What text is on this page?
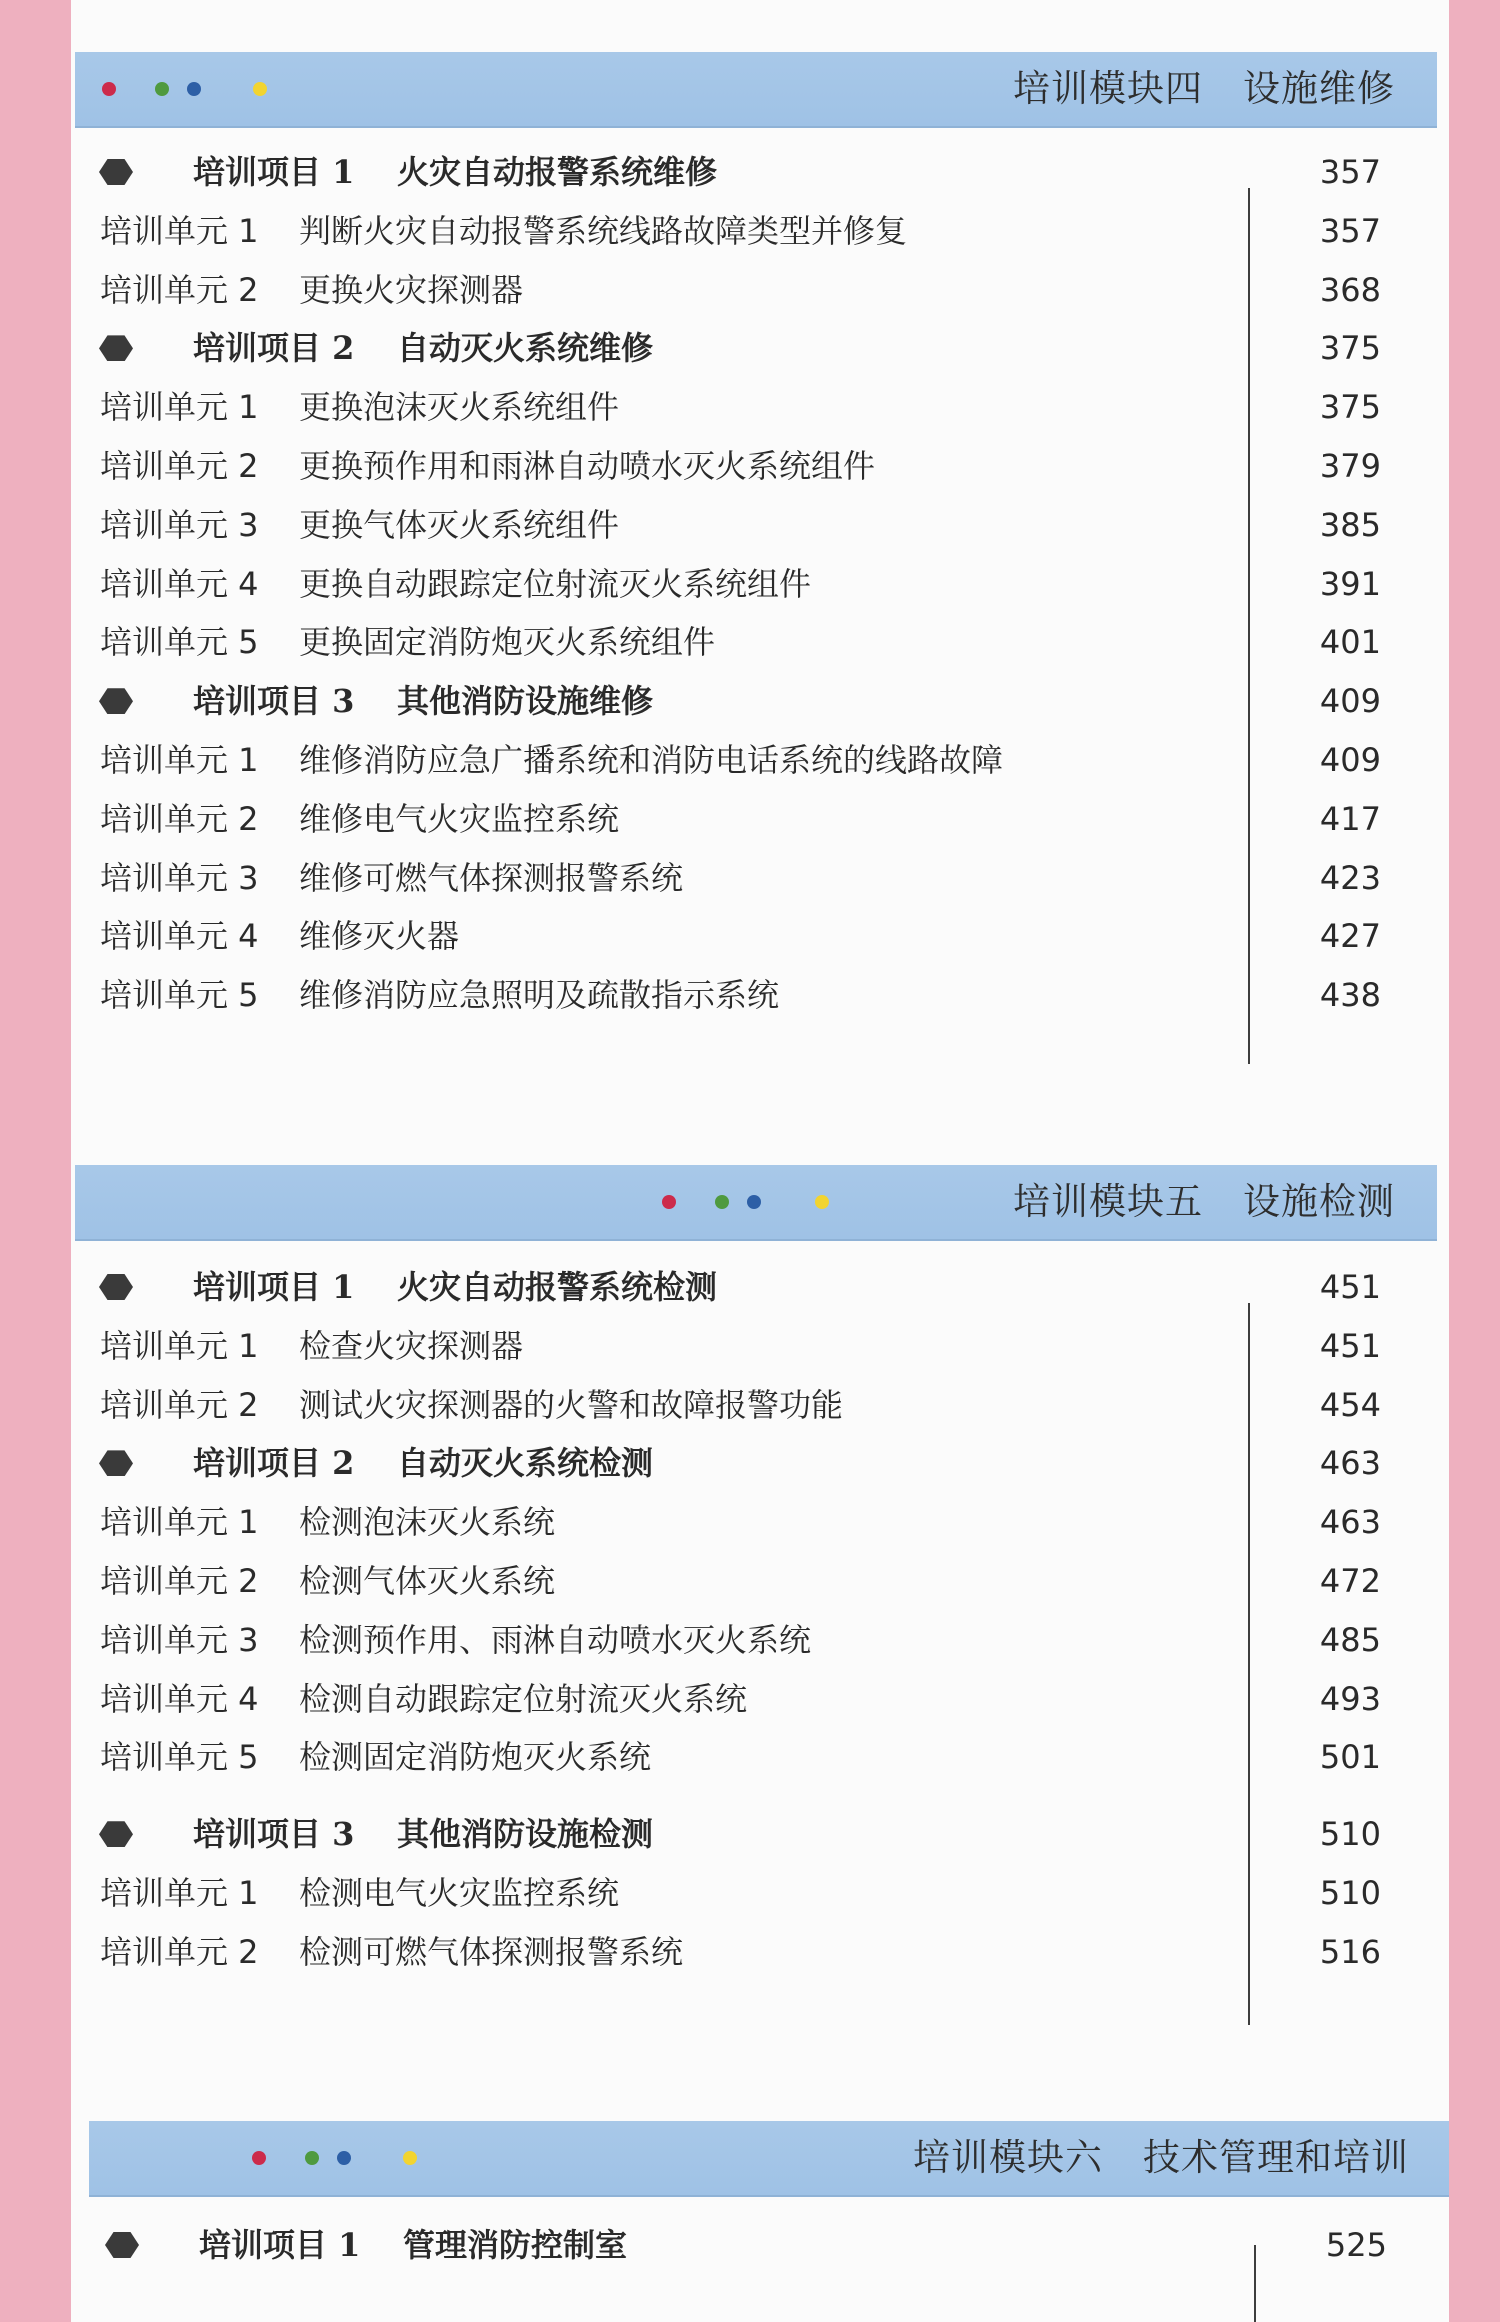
培训模块四 设施维修
培训项目 1 火灾自动报警系统维修	357
培训单元 1 判断火灾自动报警系统线路故障类型并修复	357
培训单元 2 更换火灾探测器	368
培训项目 2 自动灭火系统维修	375
培训单元 1 更换泡沫灭火系统组件	375
培训单元 2 更换预作用和雨淋自动喷水灭火系统组件	379
培训单元 3 更换气体灭火系统组件	385
培训单元 4 更换自动跟踪定位射流灭火系统组件	391
培训单元 5 更换固定消防炮灭火系统组件	401
培训项目 3 其他消防设施维修	409
培训单元 1 维修消防应急广播系统和消防电话系统的线路故障	409
培训单元 2 维修电气火灾监控系统	417
培训单元 3 维修可燃气体探测报警系统	423
培训单元 4 维修灭火器	427
培训单元 5 维修消防应急照明及疏散指示系统	438
培训模块五 设施检测
培训项目 1 火灾自动报警系统检测	451
培训单元 1 检查火灾探测器	451
培训单元 2 测试火灾探测器的火警和故障报警功能	454
培训项目 2 自动灭火系统检测	463
培训单元 1 检测泡沫灭火系统	463
培训单元 2 检测气体灭火系统	472
培训单元 3 检测预作用、雨淋自动喷水灭火系统	485
培训单元 4 检测自动跟踪定位射流灭火系统	493
培训单元 5 检测固定消防炮灭火系统	501
培训项目 3 其他消防设施检测	510
培训单元 1 检测电气火灾监控系统	510
培训单元 2 检测可燃气体探测报警系统	516
培训模块六 技术管理和培训
培训项目 1 管理消防控制室	525
